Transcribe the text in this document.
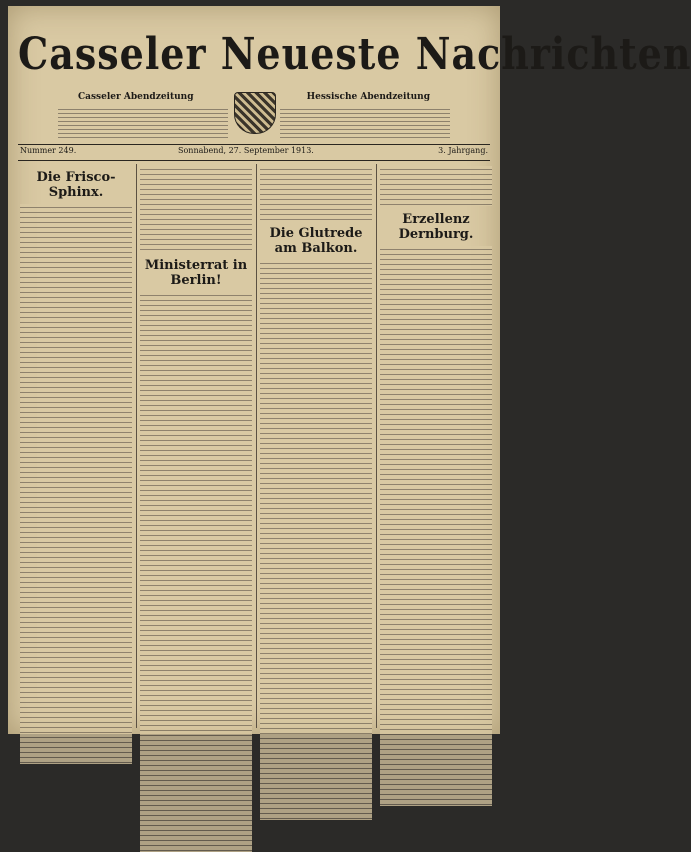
Casseler Neueste Nachrichten
Casseler Abendzeitung	Hessische Abendzeitung
Nummer 249.	Sonnabend, 27. September 1913.	3. Jahrgang.
Die Frisco-Sphinx.
Ministerrat in Berlin!
Die Glutrede am Balkon.
Erzellenz Dernburg.
